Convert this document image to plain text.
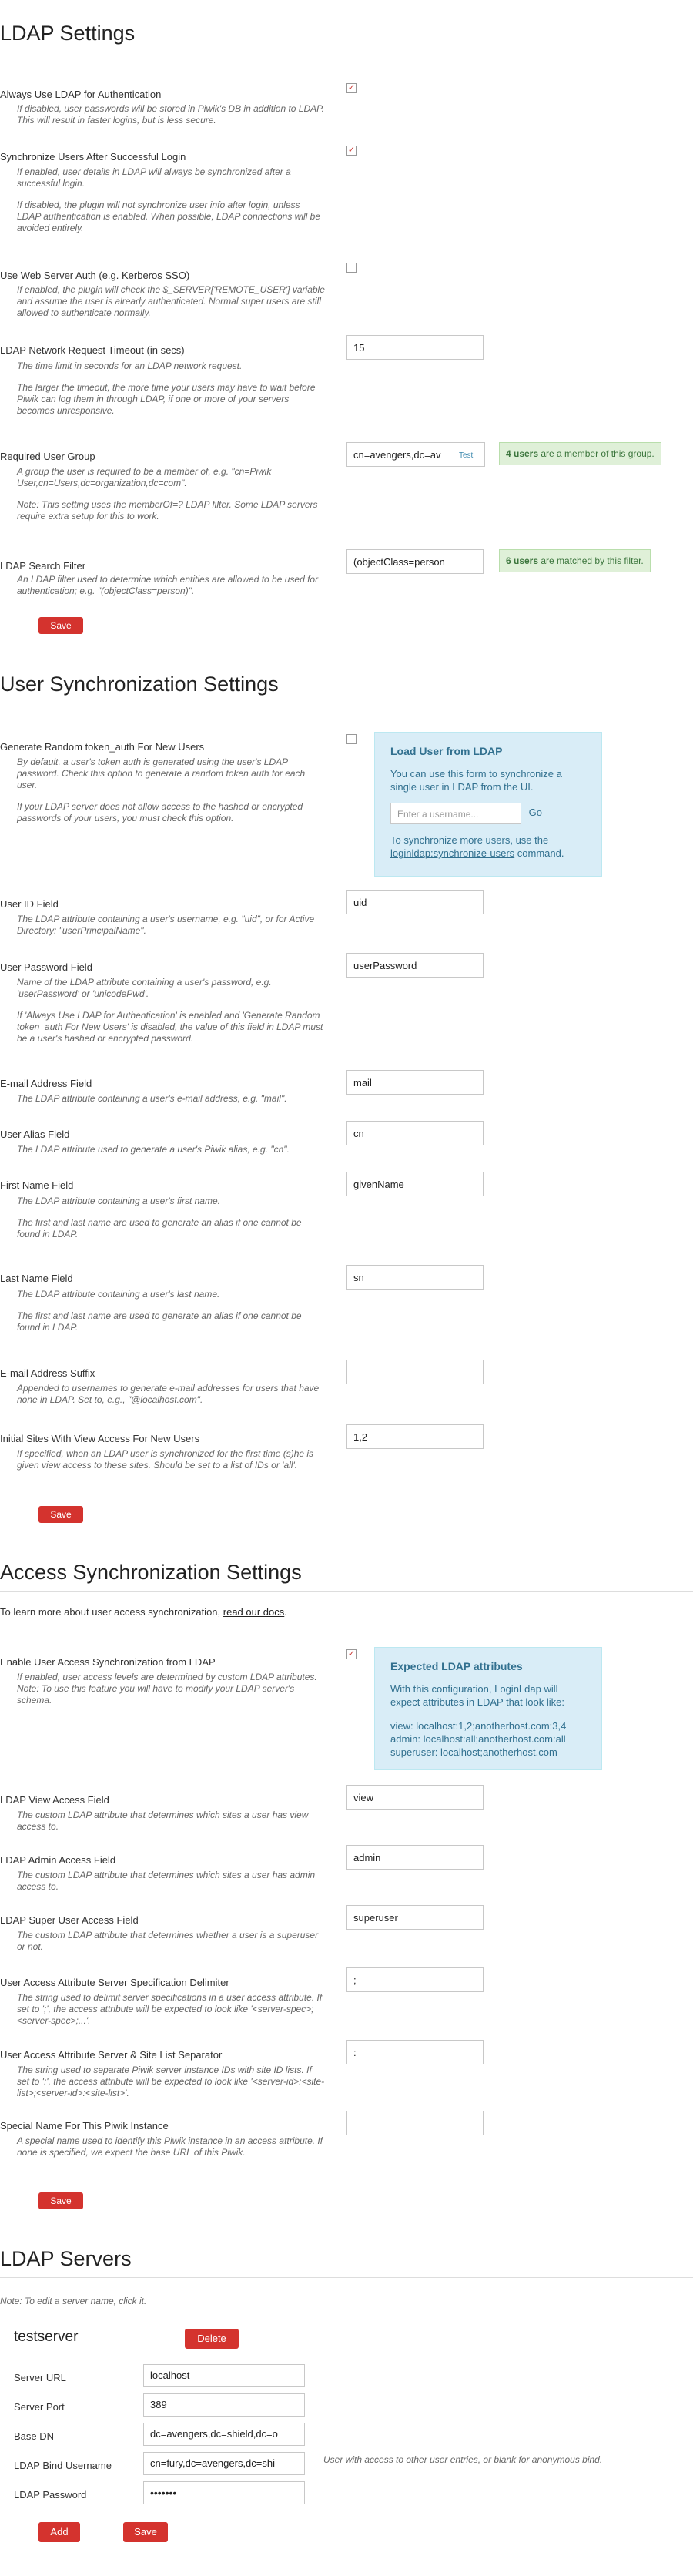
LDAP Settings
Always Use LDAP for Authentication

If disabled, user passwords will be stored in Piwik's DB in addition to LDAP. This will result in faster logins, but is less secure.

✓
Synchronize Users After Successful Login

If enabled, user details in LDAP will always be synchronized after a successful login.

If disabled, the plugin will not synchronize user info after login, unless LDAP authentication is enabled. When possible, LDAP connections will be avoided entirely.

✓
Use Web Server Auth (e.g. Kerberos SSO)

If enabled, the plugin will check the $_SERVER['REMOTE_USER'] variable and assume the user is already authenticated. Normal super users are still allowed to authenticate normally.

LDAP Network Request Timeout (in secs)

The time limit in seconds for an LDAP network request.

The larger the timeout, the more time your users may have to wait before Piwik can log them in through LDAP, if one or more of your servers becomes unresponsive.

15
Required User Group

A group the user is required to be a member of, e.g. "cn=Piwik User,cn=Users,dc=organization,dc=com".

Note: This setting uses the memberOf=? LDAP filter. Some LDAP servers require extra setup for this to work.

cn=avengers,dc=av
Test	4 users are a member of this group.
LDAP Search Filter

An LDAP filter used to determine which entities are allowed to be used for authentication; e.g. "(objectClass=person)".

(objectClass=person
6 users are matched by this filter.
Save
User Synchronization Settings
Generate Random token_auth For New Users

By default, a user's token auth is generated using the user's LDAP password. Check this option to generate a random token auth for each user.

If your LDAP server does not allow access to the hashed or encrypted passwords of your users, you must check this option.

Load User from LDAP
You can use this form to synchronize a single user in LDAP from the UI.
Enter a username...	Go
To synchronize more users, use the loginldap:synchronize-users command.
User ID Field

The LDAP attribute containing a user's username, e.g. "uid", or for Active Directory: "userPrincipalName".

uid
User Password Field

Name of the LDAP attribute containing a user's password, e.g. 'userPassword' or 'unicodePwd'.

If 'Always Use LDAP for Authentication' is enabled and 'Generate Random token_auth For New Users' is disabled, the value of this field in LDAP must be a user's hashed or encrypted password.

userPassword
E-mail Address Field

The LDAP attribute containing a user's e-mail address, e.g. "mail".

mail
User Alias Field

The LDAP attribute used to generate a user's Piwik alias, e.g. "cn".

cn
First Name Field

The LDAP attribute containing a user's first name.

The first and last name are used to generate an alias if one cannot be found in LDAP.

givenName
Last Name Field

The LDAP attribute containing a user's last name.

The first and last name are used to generate an alias if one cannot be found in LDAP.

sn
E-mail Address Suffix

Appended to usernames to generate e-mail addresses for users that have none in LDAP. Set to, e.g., "@localhost.com".

Initial Sites With View Access For New Users

If specified, when an LDAP user is synchronized for the first time (s)he is given view access to these sites. Should be set to a list of IDs or 'all'.

1,2
Save
Access Synchronization Settings
To learn more about user access synchronization, read our docs.
Enable User Access Synchronization from LDAP

If enabled, user access levels are determined by custom LDAP attributes. Note: To use this feature you will have to modify your LDAP server's schema.

✓
Expected LDAP attributes
With this configuration, LoginLdap will expect attributes in LDAP that look like:
view: localhost:1,2;anotherhost.com:3,4
admin: localhost:all;anotherhost.com:all
superuser: localhost;anotherhost.com
LDAP View Access Field

The custom LDAP attribute that determines which sites a user has view access to.

view
LDAP Admin Access Field

The custom LDAP attribute that determines which sites a user has admin access to.

admin
LDAP Super User Access Field

The custom LDAP attribute that determines whether a user is a superuser or not.

superuser
User Access Attribute Server Specification Delimiter

The string used to delimit server specifications in a user access attribute. If set to ';', the access attribute will be expected to look like '<server-spec>;<server-spec>;...'.

;
User Access Attribute Server & Site List Separator

The string used to separate Piwik server instance IDs with site ID lists. If set to ':', the access attribute will be expected to look like '<server-id>:<site-list>;<server-id>:<site-list>'.

:
Special Name For This Piwik Instance

A special name used to identify this Piwik instance in an access attribute. If none is specified, we expect the base URL of this Piwik.

Save
LDAP Servers
Note: To edit a server name, click it.
testserver	Delete
Server URL	localhost
Server Port	389
Base DN	dc=avengers,dc=shield,dc=o
LDAP Bind Username	cn=fury,dc=avengers,dc=shi	User with access to other user entries, or blank for anonymous bind.
LDAP Password	•••••••
Add	Save
